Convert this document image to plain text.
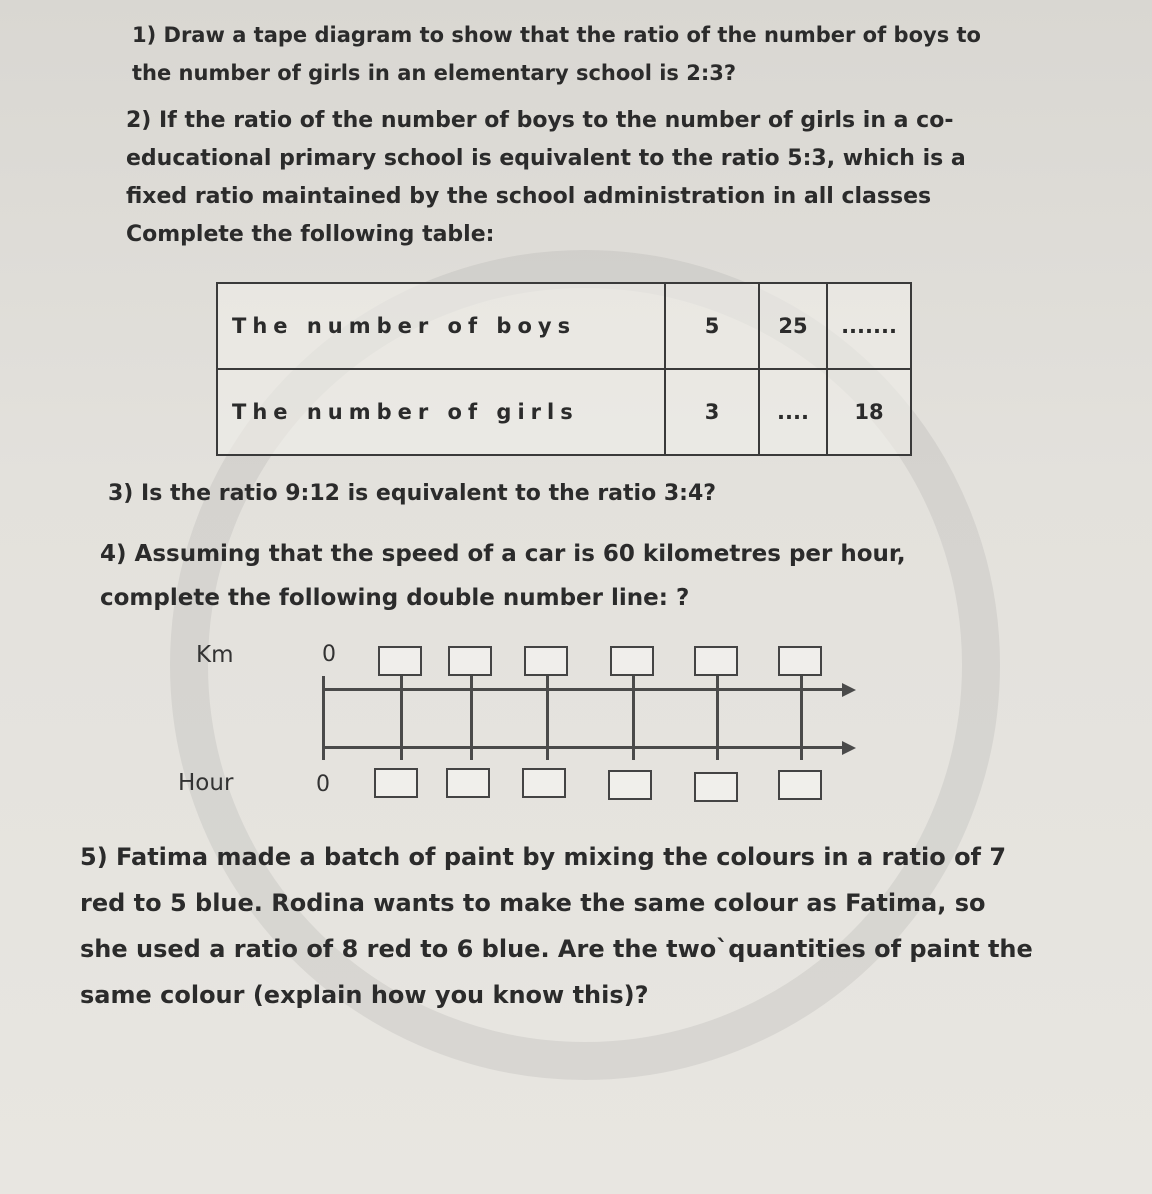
1) Draw a tape diagram to show that the ratio of the number of boys to the number of girls in an elementary school is 2:3?

2) If the ratio of the number of boys to the number of girls in a co-educational primary school is equivalent to the ratio 5:3, which is a fixed ratio maintained by the school administration in all classes

Complete the following table:

The number of boys	5	25	.......
The number of girls	3	....	18

3) Is the ratio 9:12 is equivalent to the ratio 3:4?

4) Assuming that the speed of a car is 60 kilometres per hour, complete the following double number line: ?

Km
Hour
0
0

5) Fatima made a batch of paint by mixing the colours in a ratio of 7 red to 5 blue. Rodina wants to make the same colour as Fatima, so she used a ratio of 8 red to 6 blue. Are the two`quantities of paint the same colour (explain how you know this)?
